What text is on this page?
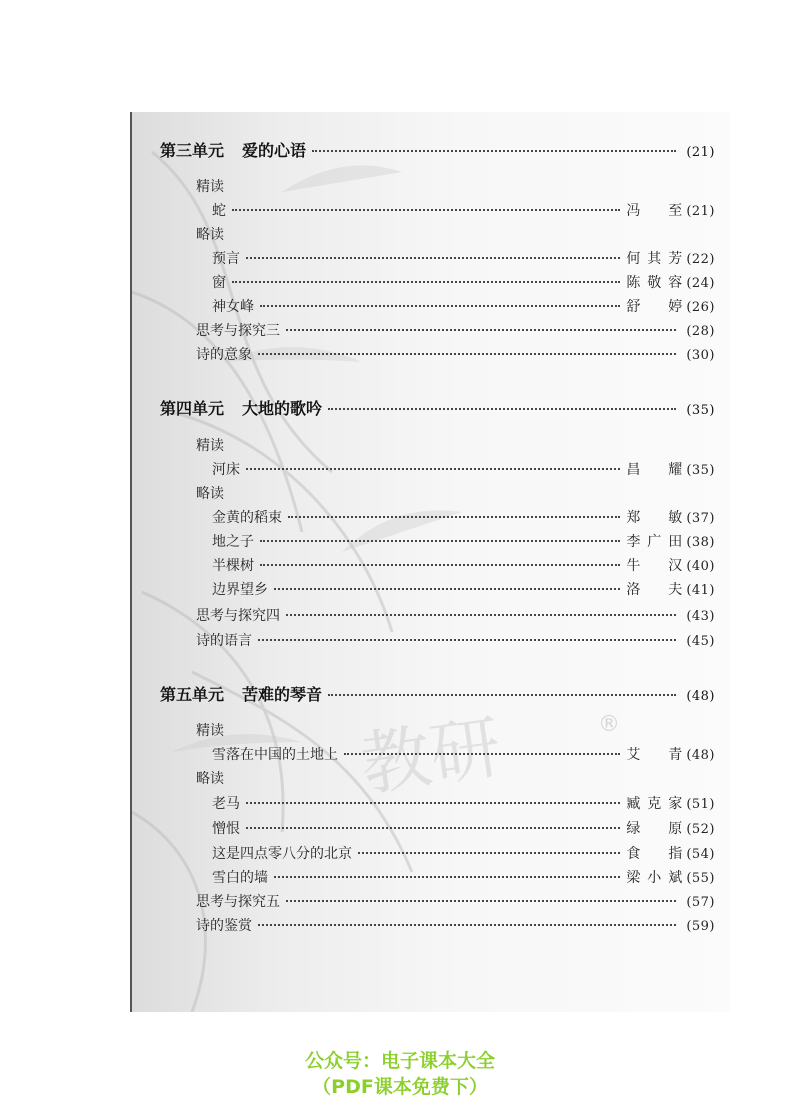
教研	®
第三单元 爱的心语	(21)
精读
蛇	冯至 (21)
略读
预言	何其芳 (22)
窗	陈敬容 (24)
神女峰	舒婷 (26)
思考与探究三	(28)
诗的意象	(30)
第四单元 大地的歌吟	(35)
精读
河床	昌耀 (35)
略读
金黄的稻束	郑敏 (37)
地之子	李广田 (38)
半棵树	牛汉 (40)
边界望乡	洛夫 (41)
思考与探究四	(43)
诗的语言	(45)
第五单元 苦难的琴音	(48)
精读
雪落在中国的土地上	艾青 (48)
略读
老马	臧克家 (51)
憎恨	绿原 (52)
这是四点零八分的北京	食指 (54)
雪白的墙	梁小斌 (55)
思考与探究五	(57)
诗的鉴赏	(59)
公众号：电子课本大全
（PDF课本免费下）
